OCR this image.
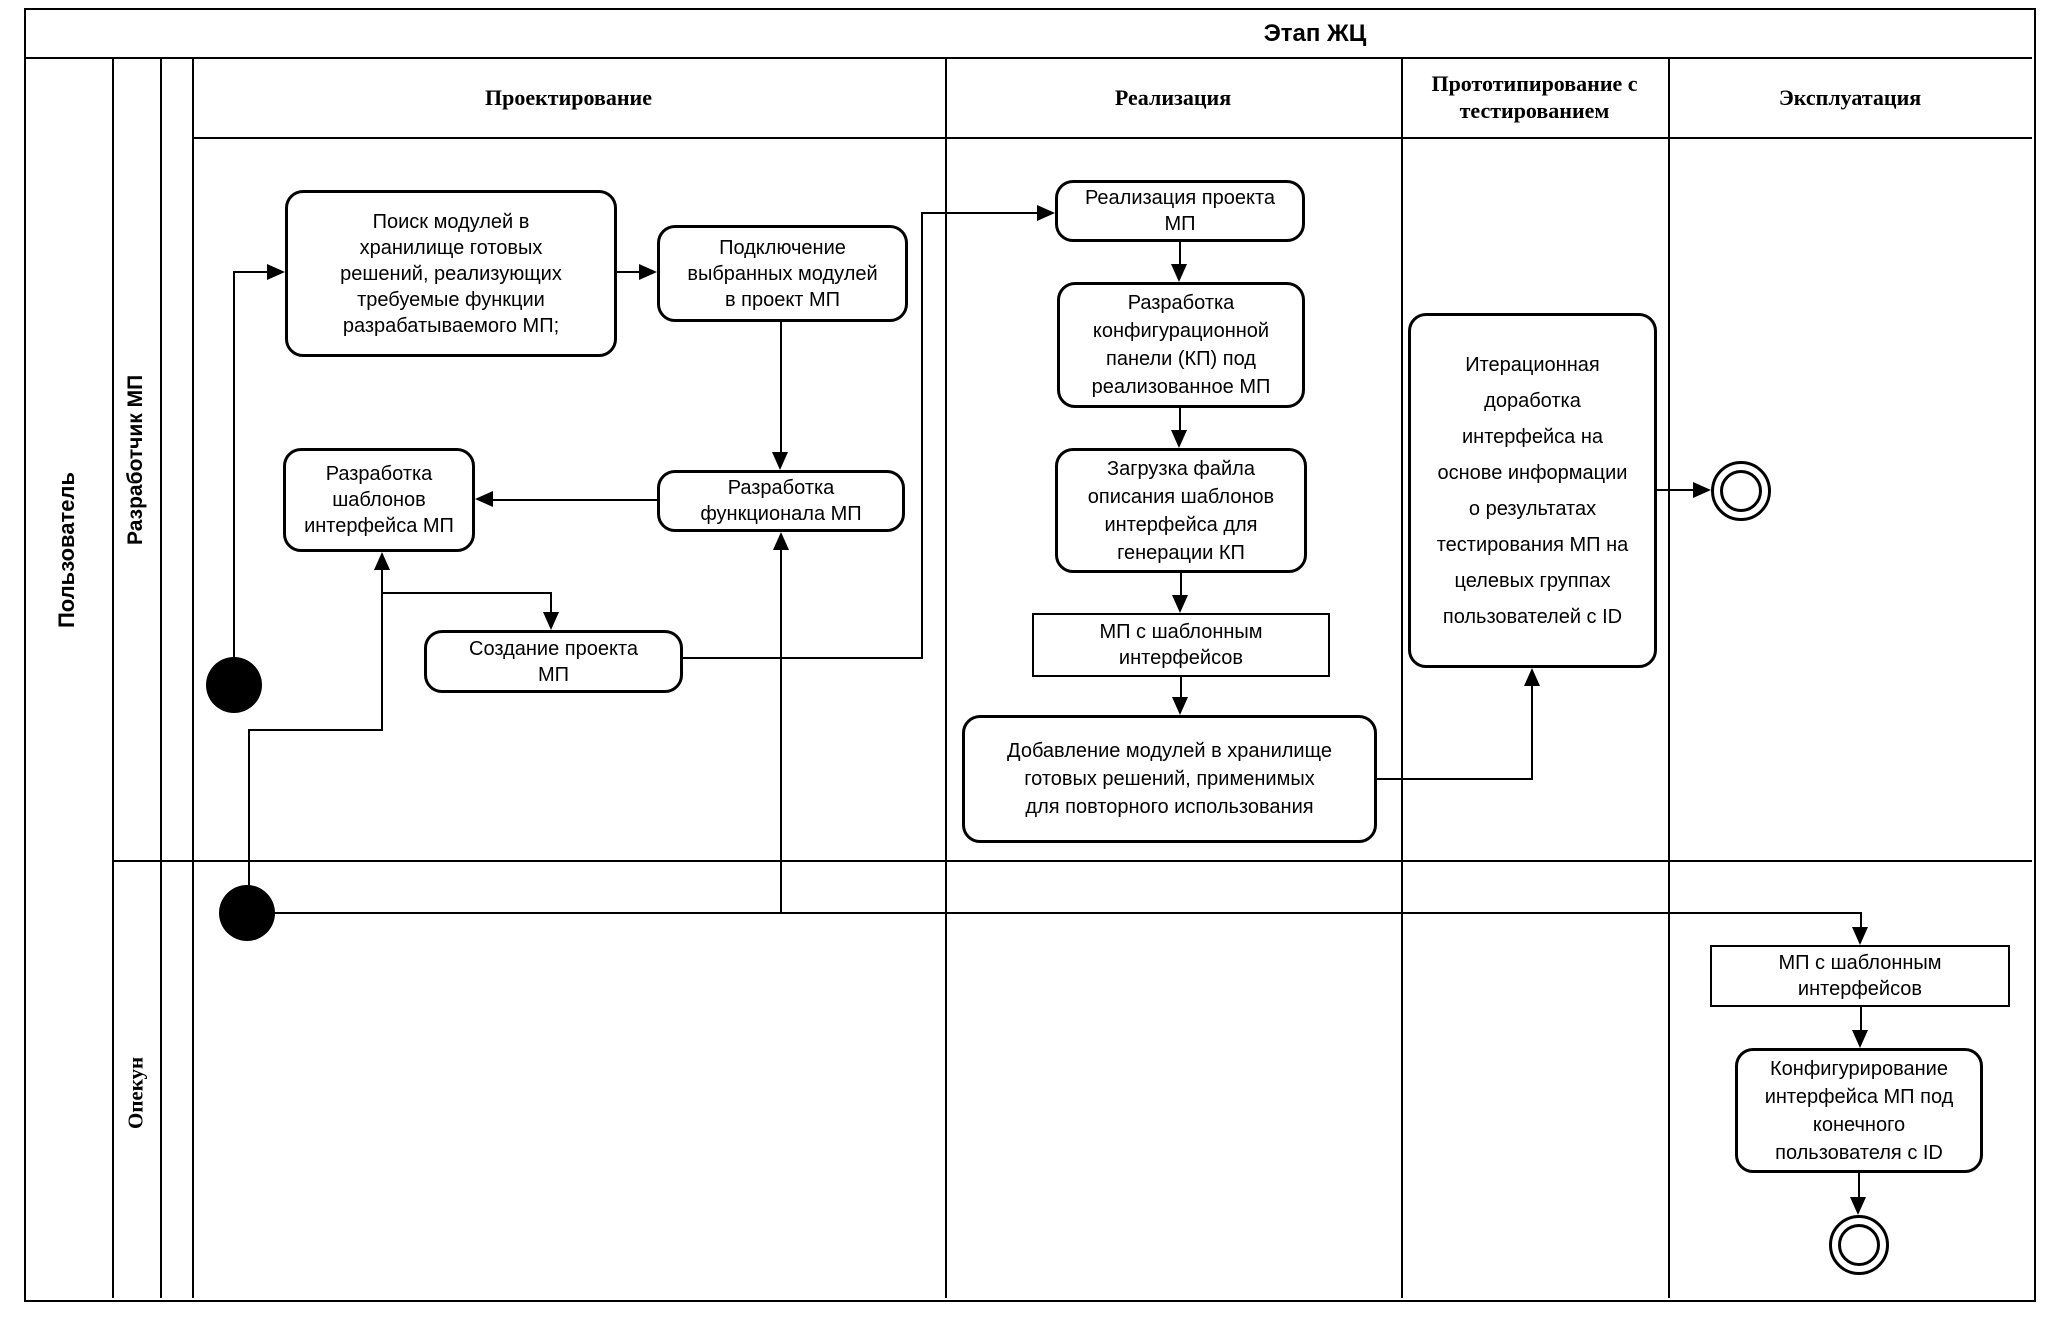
Этап ЖЦ
Проектирование	Реализация
Прототипирование с
тестированием
Эксплуатация
Пользователь
Разработчик МП
Опекун
Поиск модулей в
хранилище готовых
решений, реализующих
требуемые функции
разрабатываемого МП;
Подключение
выбранных модулей
в проект МП
Разработка
шаблонов
интерфейса МП
Разработка
функционала МП
Создание проекта
МП
Реализация проекта
МП
Разработка
конфигурационной
панели (КП) под
реализованное МП
Загрузка файла
описания шаблонов
интерфейса для
генерации КП
МП с шаблонным
интерфейсов
Добавление модулей в хранилище
готовых решений, применимых
для повторного использования
Итерационная
доработка
интерфейса на
основе информации
о результатах
тестирования МП на
целевых группах
пользователей с ID
МП с шаблонным
интерфейсов
Конфигурирование
интерфейса МП под
конечного
пользователя с ID
